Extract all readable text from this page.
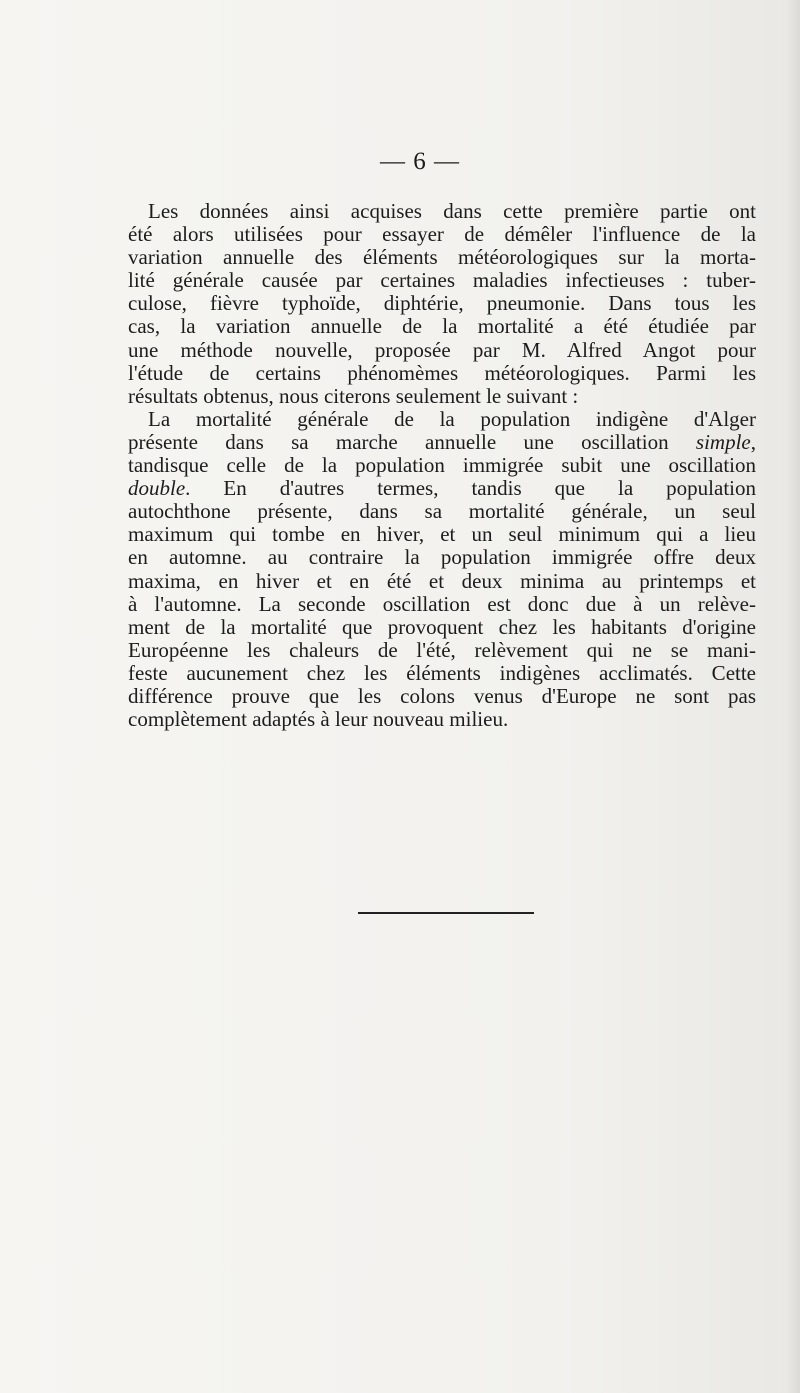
— 6 —
Les données ainsi acquises dans cette première partie ont
été alors utilisées pour essayer de démêler l'influence de la
variation annuelle des éléments météorologiques sur la morta-
lité générale causée par certaines maladies infectieuses : tuber-
culose, fièvre typhoïde, diphtérie, pneumonie. Dans tous les
cas, la variation annuelle de la mortalité a été étudiée par
une méthode nouvelle, proposée par M. Alfred Angot pour
l'étude de certains phénomèmes météorologiques. Parmi les
résultats obtenus, nous citerons seulement le suivant :
La mortalité générale de la population indigène d'Alger
présente dans sa marche annuelle une oscillation simple,
tandisque celle de la population immigrée subit une oscillation
double. En d'autres termes, tandis que la population
autochthone présente, dans sa mortalité générale, un seul
maximum qui tombe en hiver, et un seul minimum qui a lieu
en automne. au contraire la population immigrée offre deux
maxima, en hiver et en été et deux minima au printemps et
à l'automne. La seconde oscillation est donc due à un relève-
ment de la mortalité que provoquent chez les habitants d'origine
Européenne les chaleurs de l'été, relèvement qui ne se mani-
feste aucunement chez les éléments indigènes acclimatés. Cette
différence prouve que les colons venus d'Europe ne sont pas
complètement adaptés à leur nouveau milieu.
